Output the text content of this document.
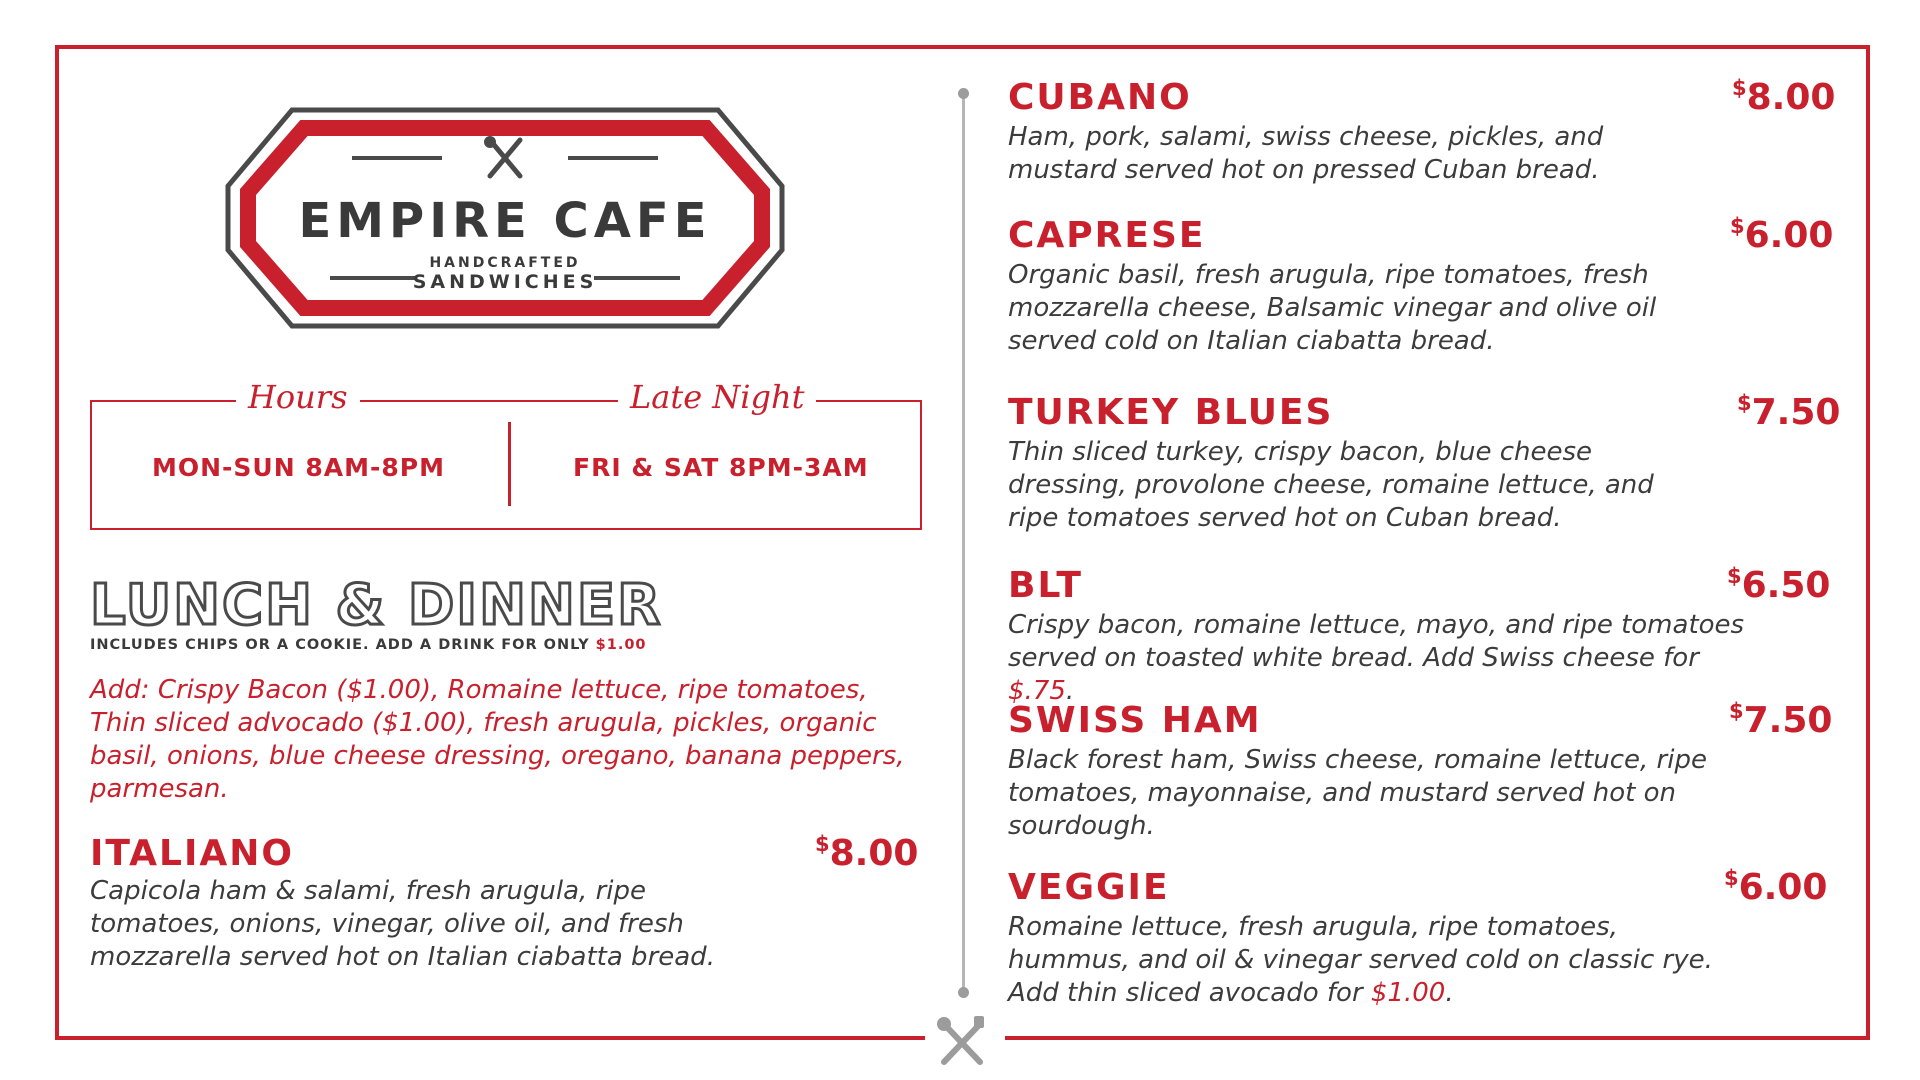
EMPIRE CAFE
HANDCRAFTED
SANDWICHES
Hours	Late Night
MON-SUN 8AM-8PM	FRI & SAT 8PM-3AM
LUNCH & DINNER
INCLUDES CHIPS OR A COOKIE. ADD A DRINK FOR ONLY $1.00
Add: Crispy Bacon ($1.00), Romaine lettuce, ripe tomatoes, Thin sliced advocado ($1.00), fresh arugula, pickles, organic basil, onions, blue cheese dressing, oregano, banana peppers, parmesan.
ITALIANO	$8.00
Capicola ham & salami, fresh arugula, ripe tomatoes, onions, vinegar, olive oil, and fresh mozzarella served hot on Italian ciabatta bread.
CUBANO	$8.00
Ham, pork, salami, swiss cheese, pickles, and mustard served hot on pressed Cuban bread.
CAPRESE	$6.00
Organic basil, fresh arugula, ripe tomatoes, fresh mozzarella cheese, Balsamic vinegar and olive oil served cold on Italian ciabatta bread.
TURKEY BLUES	$7.50
Thin sliced turkey, crispy bacon, blue cheese dressing, provolone cheese, romaine lettuce, and ripe tomatoes served hot on Cuban bread.
BLT	$6.50
Crispy bacon, romaine lettuce, mayo, and ripe tomatoes served on toasted white bread. Add Swiss cheese for $.75.
SWISS HAM	$7.50
Black forest ham, Swiss cheese, romaine lettuce, ripe tomatoes, mayonnaise, and mustard served hot on sourdough.
VEGGIE	$6.00
Romaine lettuce, fresh arugula, ripe tomatoes, hummus, and oil & vinegar served cold on classic rye. Add thin sliced avocado for $1.00.
